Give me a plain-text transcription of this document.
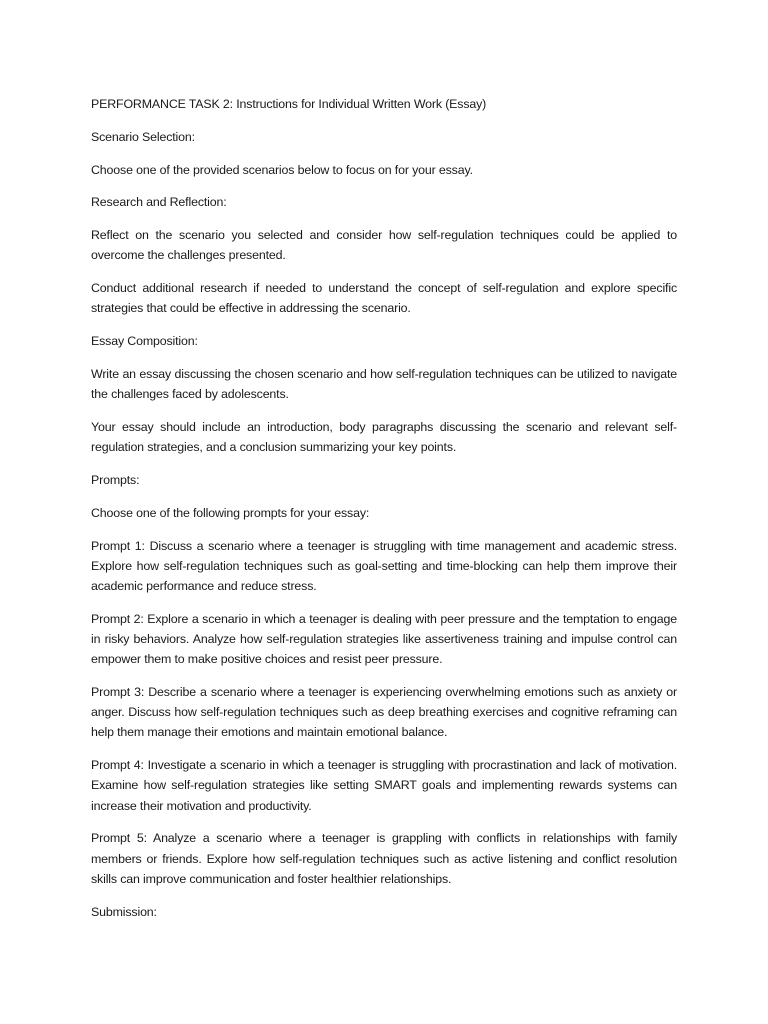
PERFORMANCE TASK 2: Instructions for Individual Written Work (Essay)

Scenario Selection:

Choose one of the provided scenarios below to focus on for your essay.

Research and Reflection:

Reflect on the scenario you selected and consider how self-regulation techniques could be applied to overcome the challenges presented.

Conduct additional research if needed to understand the concept of self-regulation and explore specific strategies that could be effective in addressing the scenario.

Essay Composition:

Write an essay discussing the chosen scenario and how self-regulation techniques can be utilized to navigate the challenges faced by adolescents.

Your essay should include an introduction, body paragraphs discussing the scenario and relevant self-regulation strategies, and a conclusion summarizing your key points.

Prompts:

Choose one of the following prompts for your essay:

Prompt 1: Discuss a scenario where a teenager is struggling with time management and academic stress. Explore how self-regulation techniques such as goal-setting and time-blocking can help them improve their academic performance and reduce stress.

Prompt 2: Explore a scenario in which a teenager is dealing with peer pressure and the temptation to engage in risky behaviors. Analyze how self-regulation strategies like assertiveness training and impulse control can empower them to make positive choices and resist peer pressure.

Prompt 3: Describe a scenario where a teenager is experiencing overwhelming emotions such as anxiety or anger. Discuss how self-regulation techniques such as deep breathing exercises and cognitive reframing can help them manage their emotions and maintain emotional balance.

Prompt 4: Investigate a scenario in which a teenager is struggling with procrastination and lack of motivation. Examine how self-regulation strategies like setting SMART goals and implementing rewards systems can increase their motivation and productivity.

Prompt 5: Analyze a scenario where a teenager is grappling with conflicts in relationships with family members or friends. Explore how self-regulation techniques such as active listening and conflict resolution skills can improve communication and foster healthier relationships.

Submission:
